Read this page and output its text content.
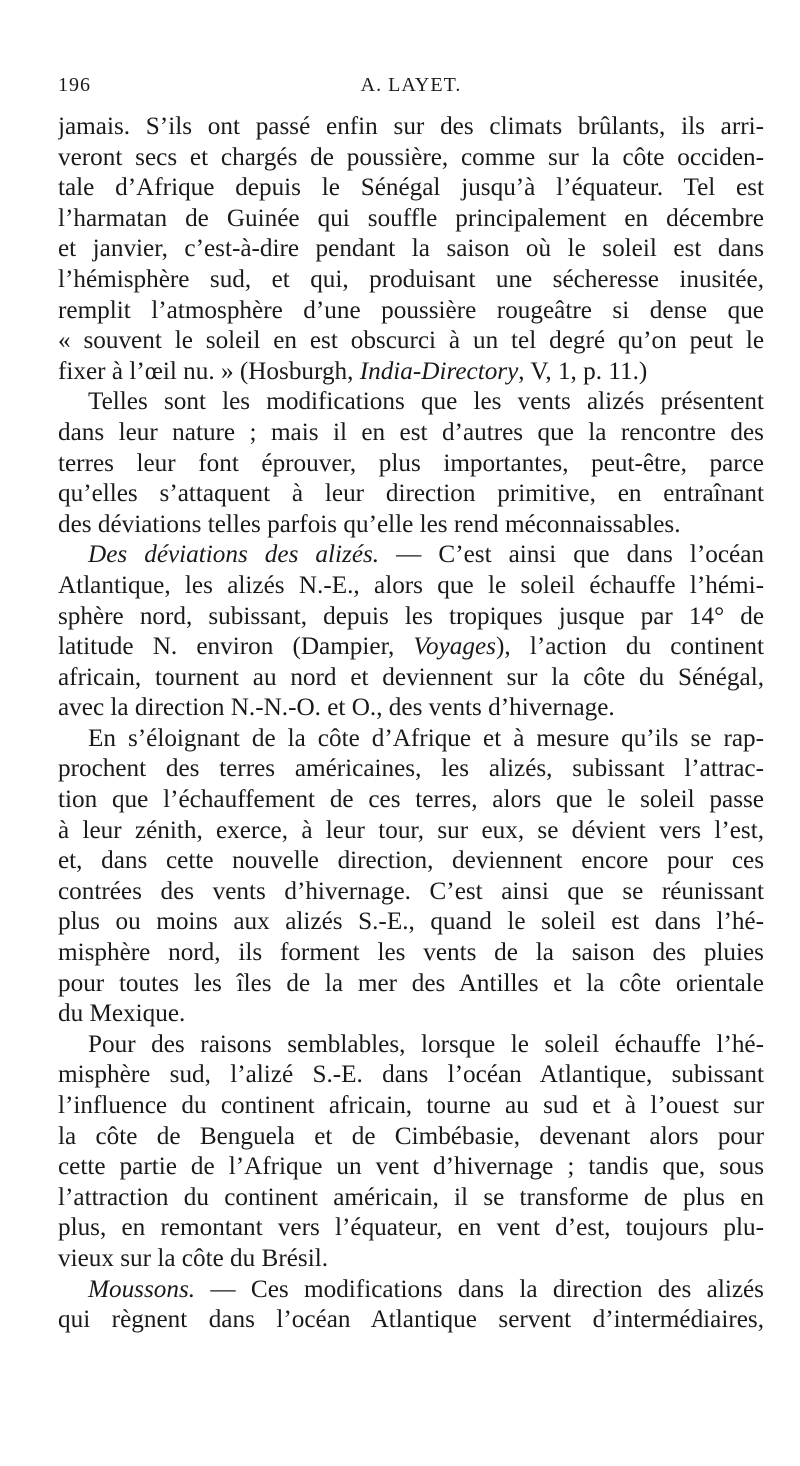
196	A. LAYET.
jamais. S’ils ont passé enfin sur des climats brûlants, ils arri-
veront secs et chargés de poussière, comme sur la côte occiden-
tale d’Afrique depuis le Sénégal jusqu’à l’équateur. Tel est
l’harmatan de Guinée qui souffle principalement en décembre
et janvier, c’est-à-dire pendant la saison où le soleil est dans
l’hémisphère sud, et qui, produisant une sécheresse inusitée,
remplit l’atmosphère d’une poussière rougeâtre si dense que
« souvent le soleil en est obscurci à un tel degré qu’on peut le
fixer à l’œil nu. » (Hosburgh, India-Directory, V, 1, p. 11.)
Telles sont les modifications que les vents alizés présentent
dans leur nature ; mais il en est d’autres que la rencontre des
terres leur font éprouver, plus importantes, peut-être, parce
qu’elles s’attaquent à leur direction primitive, en entraînant
des déviations telles parfois qu’elle les rend méconnaissables.
Des déviations des alizés. — C’est ainsi que dans l’océan
Atlantique, les alizés N.-E., alors que le soleil échauffe l’hémi-
sphère nord, subissant, depuis les tropiques jusque par 14° de
latitude N. environ (Dampier, Voyages), l’action du continent
africain, tournent au nord et deviennent sur la côte du Sénégal,
avec la direction N.-N.-O. et O., des vents d’hivernage.
En s’éloignant de la côte d’Afrique et à mesure qu’ils se rap-
prochent des terres américaines, les alizés, subissant l’attrac-
tion que l’échauffement de ces terres, alors que le soleil passe
à leur zénith, exerce, à leur tour, sur eux, se dévient vers l’est,
et, dans cette nouvelle direction, deviennent encore pour ces
contrées des vents d’hivernage. C’est ainsi que se réunissant
plus ou moins aux alizés S.-E., quand le soleil est dans l’hé-
misphère nord, ils forment les vents de la saison des pluies
pour toutes les îles de la mer des Antilles et la côte orientale
du Mexique.
Pour des raisons semblables, lorsque le soleil échauffe l’hé-
misphère sud, l’alizé S.-E. dans l’océan Atlantique, subissant
l’influence du continent africain, tourne au sud et à l’ouest sur
la côte de Benguela et de Cimbébasie, devenant alors pour
cette partie de l’Afrique un vent d’hivernage ; tandis que, sous
l’attraction du continent américain, il se transforme de plus en
plus, en remontant vers l’équateur, en vent d’est, toujours plu-
vieux sur la côte du Brésil.
Moussons. — Ces modifications dans la direction des alizés
qui règnent dans l’océan Atlantique servent d’intermédiaires,
